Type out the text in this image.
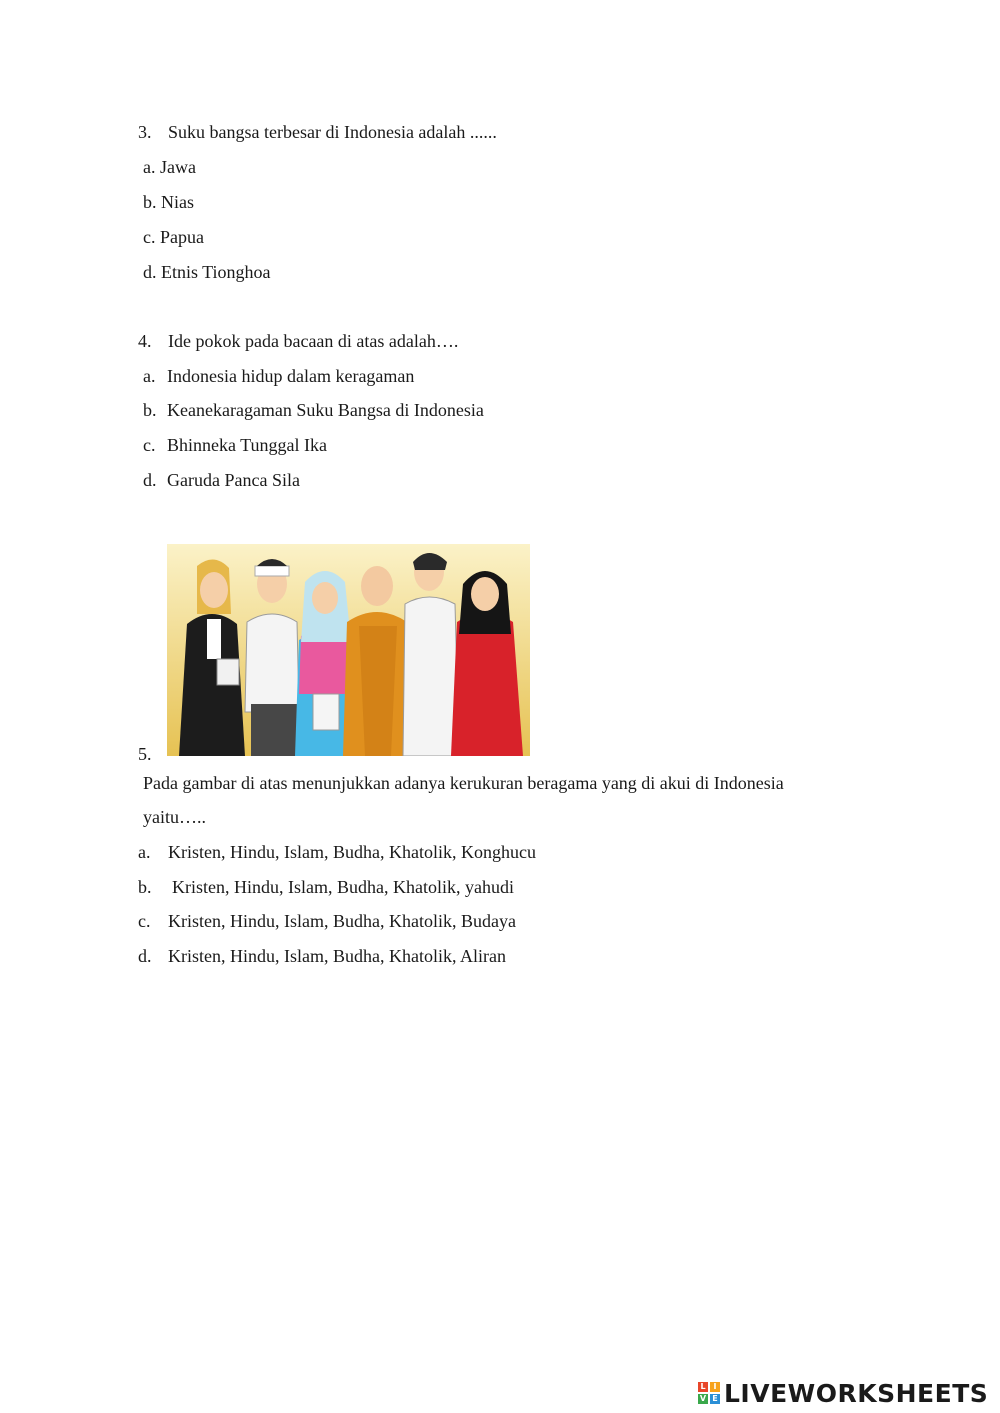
3. Suku bangsa terbesar di Indonesia adalah ......
a. Jawa
b. Nias
c. Papua
d. Etnis Tionghoa
4. Ide pokok pada bacaan di atas adalah….
a. Indonesia hidup dalam keragaman
b. Keanekaragaman Suku Bangsa di Indonesia
c. Bhinneka Tunggal Ika
d. Garuda Panca Sila
5.
Pada gambar di atas menunjukkan adanya kerukuran beragama yang di akui di Indonesia
yaitu…..
a. Kristen, Hindu, Islam, Budha, Khatolik, Konghucu
b. Kristen, Hindu, Islam, Budha, Khatolik, yahudi
c. Kristen, Hindu, Islam, Budha, Khatolik, Budaya
d. Kristen, Hindu, Islam, Budha, Khatolik, Aliran
L I
V E LIVEWORKSHEETS
